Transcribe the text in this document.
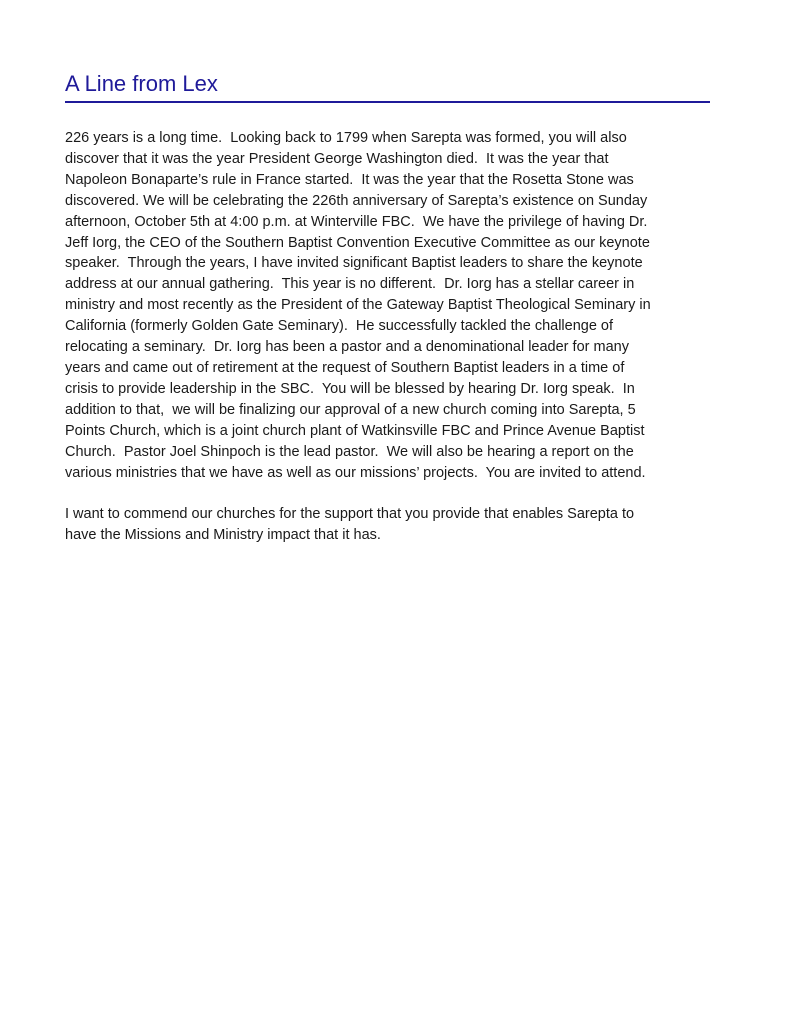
A Line from Lex

226 years is a long time.  Looking back to 1799 when Sarepta was formed, you will also
discover that it was the year President George Washington died.  It was the year that
Napoleon Bonaparte’s rule in France started.  It was the year that the Rosetta Stone was
discovered. We will be celebrating the 226th anniversary of Sarepta’s existence on Sunday
afternoon, October 5th at 4:00 p.m. at Winterville FBC.  We have the privilege of having Dr.
Jeff Iorg, the CEO of the Southern Baptist Convention Executive Committee as our keynote
speaker.  Through the years, I have invited significant Baptist leaders to share the keynote
address at our annual gathering.  This year is no different.  Dr. Iorg has a stellar career in
ministry and most recently as the President of the Gateway Baptist Theological Seminary in
California (formerly Golden Gate Seminary).  He successfully tackled the challenge of
relocating a seminary.  Dr. Iorg has been a pastor and a denominational leader for many
years and came out of retirement at the request of Southern Baptist leaders in a time of
crisis to provide leadership in the SBC.  You will be blessed by hearing Dr. Iorg speak.  In
addition to that,  we will be finalizing our approval of a new church coming into Sarepta, 5
Points Church, which is a joint church plant of Watkinsville FBC and Prince Avenue Baptist
Church.  Pastor Joel Shinpoch is the lead pastor.  We will also be hearing a report on the
various ministries that we have as well as our missions’ projects.  You are invited to attend.

I want to commend our churches for the support that you provide that enables Sarepta to
have the Missions and Ministry impact that it has.
